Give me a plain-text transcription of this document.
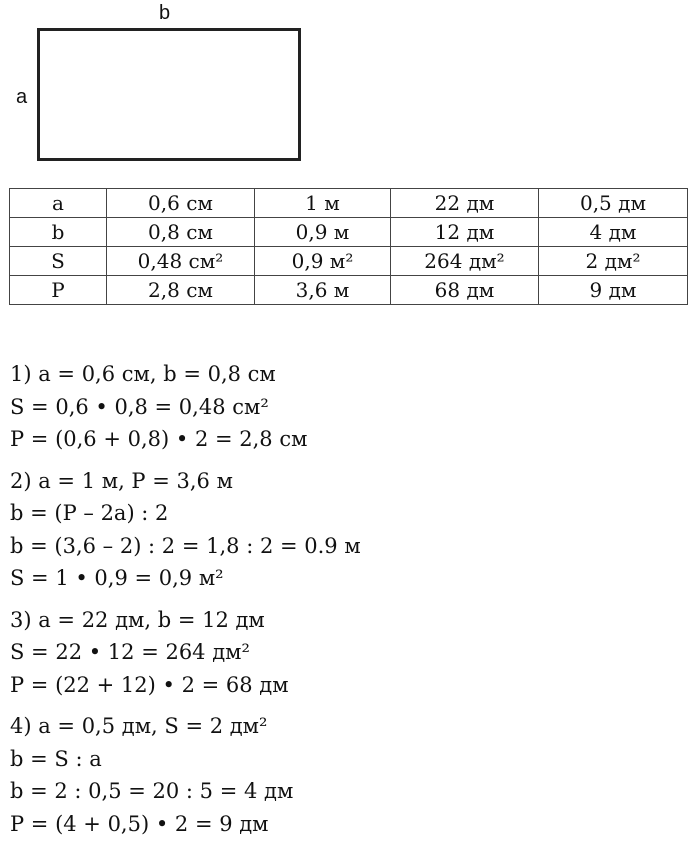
b
a
a	0,6 см	1 м	22 дм	0,5 дм
b	0,8 см	0,9 м	12 дм	4 дм
S	0,48 см²	0,9 м²	264 дм²	2 дм²
P	2,8 см	3,6 м	68 дм	9 дм
1) a = 0,6 см, b = 0,8 см
S = 0,6 • 0,8 = 0,48 см²
P = (0,6 + 0,8) • 2 = 2,8 см
2) a = 1 м, P = 3,6 м
b = (P – 2a) : 2
b = (3,6 – 2) : 2 = 1,8 : 2 = 0.9 м
S = 1 • 0,9 = 0,9 м²
3) a = 22 дм, b = 12 дм
S = 22 • 12 = 264 дм²
P = (22 + 12) • 2 = 68 дм
4) a = 0,5 дм, S = 2 дм²
b = S : a
b = 2 : 0,5 = 20 : 5 = 4 дм
P = (4 + 0,5) • 2 = 9 дм
